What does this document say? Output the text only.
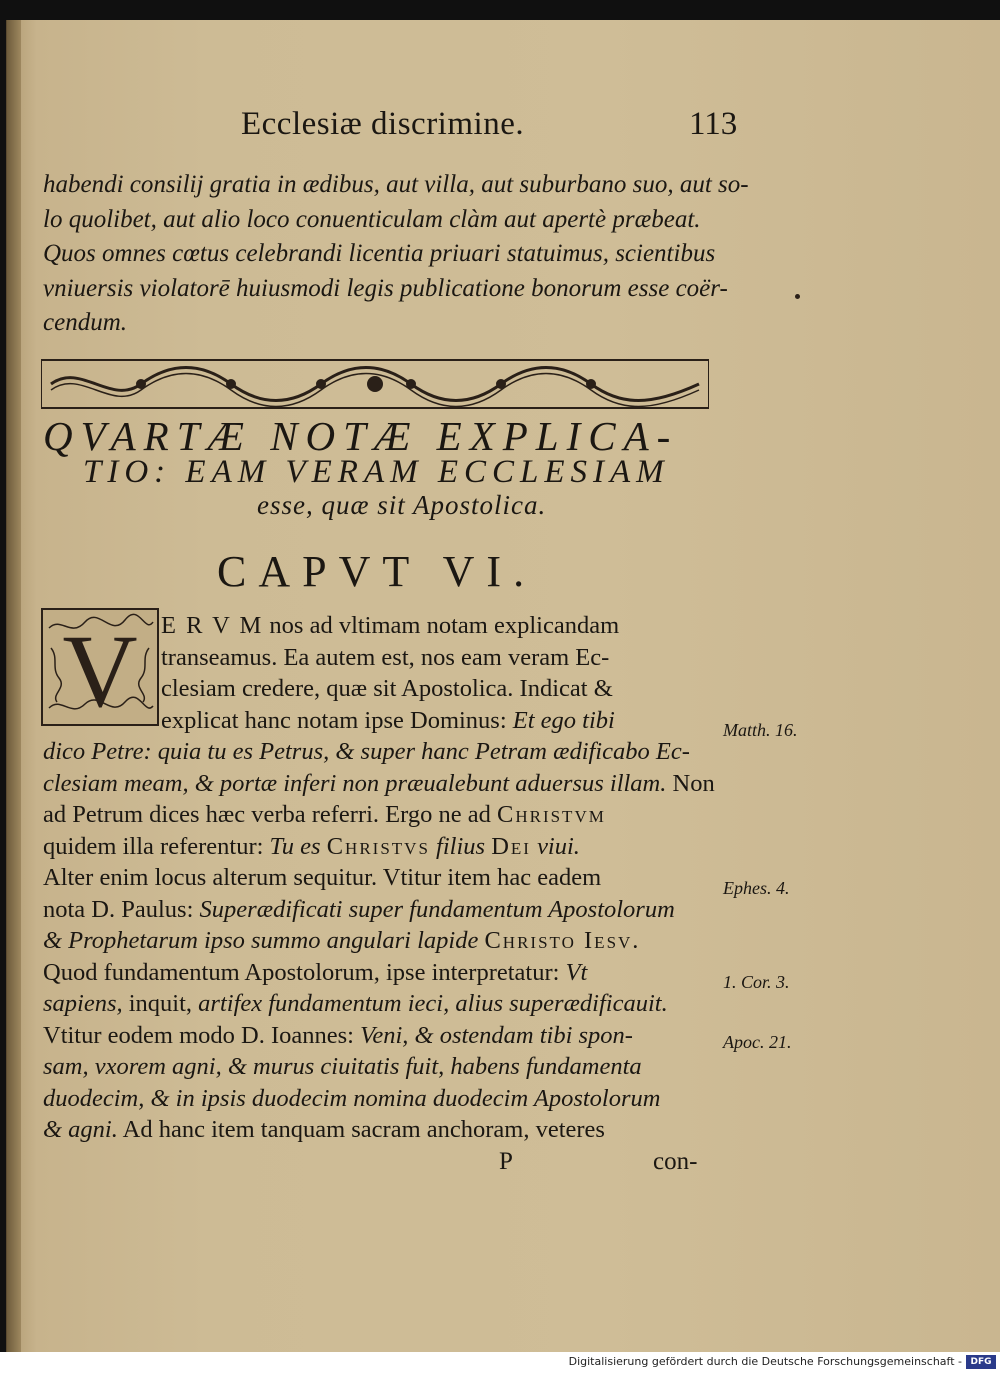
Ecclesiæ discrimine.	113
habendi consilij gratia in ædibus, aut villa, aut suburbano suo, aut so-
lo quolibet, aut alio loco conuenticulam clàm aut apertè præbeat.
Quos omnes cœtus celebrandi licentia priuari statuimus, scientibus
vniuersis violatorē huiusmodi legis publicatione bonorum esse coër-
cendum.
QVARTÆ NOTÆ EXPLICA-
TIO: EAM VERAM ECCLESIAM
esse, quæ sit Apostolica.
CAPVT VI.
V E R V M nos ad vltimam notam explicandam
transeamus. Ea autem est, nos eam veram Ec-
clesiam credere, quæ sit Apostolica. Indicat &
explicat hanc notam ipse Dominus: Et ego tibi
dico Petre: quia tu es Petrus, & super hanc Petram ædificabo Ec-
clesiam meam, & portæ inferi non præualebunt aduersus illam. Non
ad Petrum dices hæc verba referri. Ergo ne ad Christvm
quidem illa referentur: Tu es Christvs filius Dei viui.
Alter enim locus alterum sequitur. Vtitur item hac eadem
nota D. Paulus: Superædificati super fundamentum Apostolorum
& Prophetarum ipso summo angulari lapide Christo Iesv.
Quod fundamentum Apostolorum, ipse interpretatur: Vt
sapiens, inquit, artifex fundamentum ieci, alius superædificauit.
Vtitur eodem modo D. Ioannes: Veni, & ostendam tibi spon-
sam, vxorem agni, & murus ciuitatis fuit, habens fundamenta
duodecim, & in ipsis duodecim nomina duodecim Apostolorum
& agni. Ad hanc item tanquam sacram anchoram, veteres
Matth. 16.
Ephes. 4.
1. Cor. 3.
Apoc. 21.
P	con-
Digitalisierung gefördert durch die Deutsche Forschungsgemeinschaft - DFG
